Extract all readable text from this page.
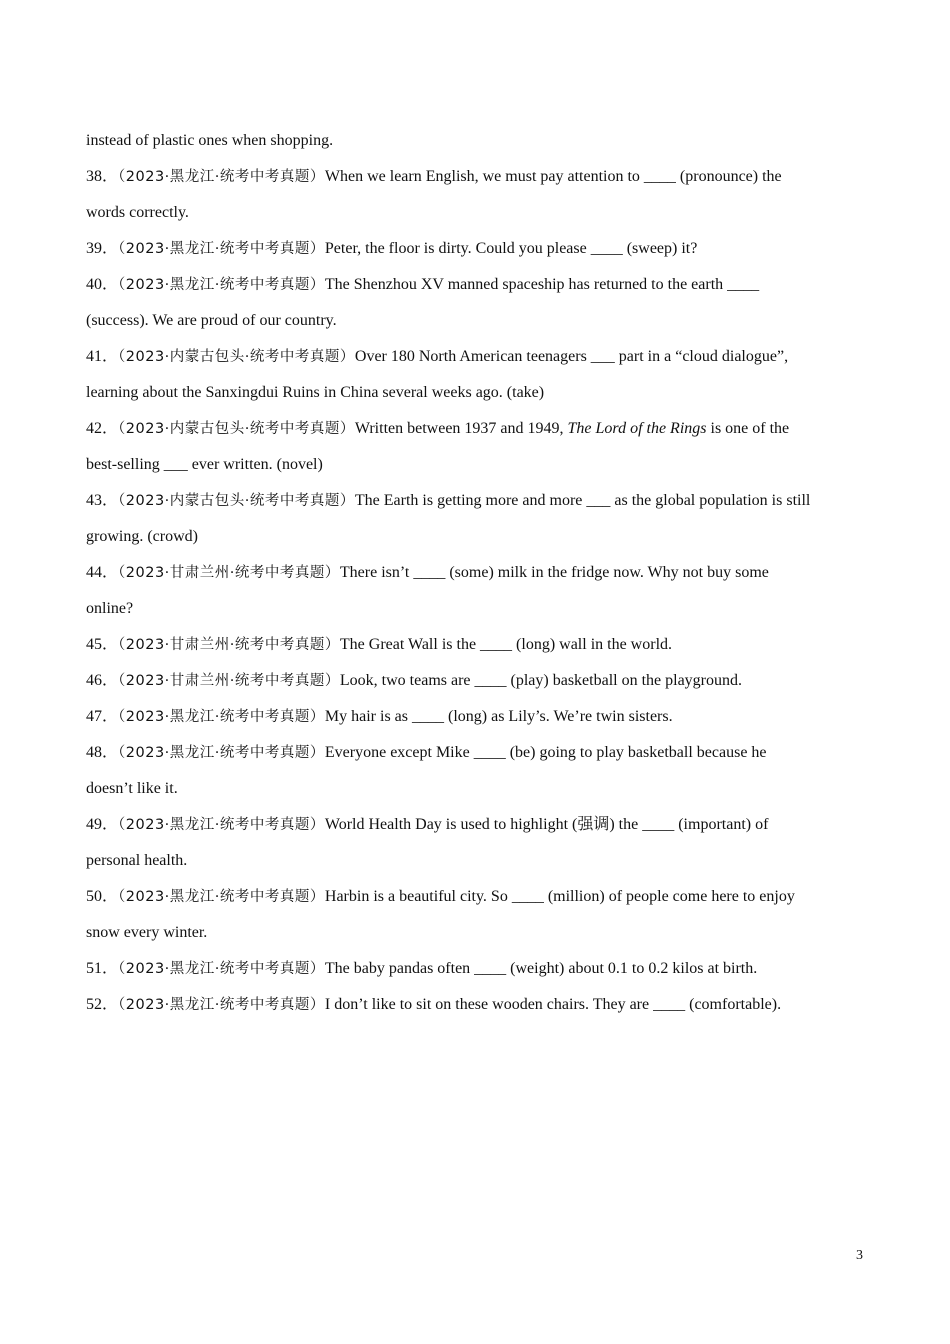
instead of plastic ones when shopping.
38．（2023·黑龙江·统考中考真题）When we learn English, we must pay attention to ____ (pronounce) the
words correctly.
39．（2023·黑龙江·统考中考真题）Peter, the floor is dirty. Could you please ____ (sweep) it?
40．（2023·黑龙江·统考中考真题）The Shenzhou XV manned spaceship has returned to the earth ____
(success). We are proud of our country.
41．（2023·内蒙古包头·统考中考真题）Over 180 North American teenagers ___ part in a “cloud dialogue”,
learning about the Sanxingdui Ruins in China several weeks ago. (take)
42．（2023·内蒙古包头·统考中考真题）Written between 1937 and 1949, The Lord of the Rings is one of the
best-selling ___ ever written. (novel)
43．（2023·内蒙古包头·统考中考真题）The Earth is getting more and more ___ as the global population is still
growing. (crowd)
44．（2023·甘肃兰州·统考中考真题）There isn’t ____ (some) milk in the fridge now. Why not buy some
online?
45．（2023·甘肃兰州·统考中考真题）The Great Wall is the ____ (long) wall in the world.
46．（2023·甘肃兰州·统考中考真题）Look, two teams are ____ (play) basketball on the playground.
47．（2023·黑龙江·统考中考真题）My hair is as ____ (long) as Lily’s. We’re twin sisters.
48．（2023·黑龙江·统考中考真题）Everyone except Mike ____ (be) going to play basketball because he
doesn’t like it.
49．（2023·黑龙江·统考中考真题）World Health Day is used to highlight (强调) the ____ (important) of
personal health.
50．（2023·黑龙江·统考中考真题）Harbin is a beautiful city. So ____ (million) of people come here to enjoy
snow every winter.
51．（2023·黑龙江·统考中考真题）The baby pandas often ____ (weight) about 0.1 to 0.2 kilos at birth.
52．（2023·黑龙江·统考中考真题）I don’t like to sit on these wooden chairs. They are ____ (comfortable).
3
